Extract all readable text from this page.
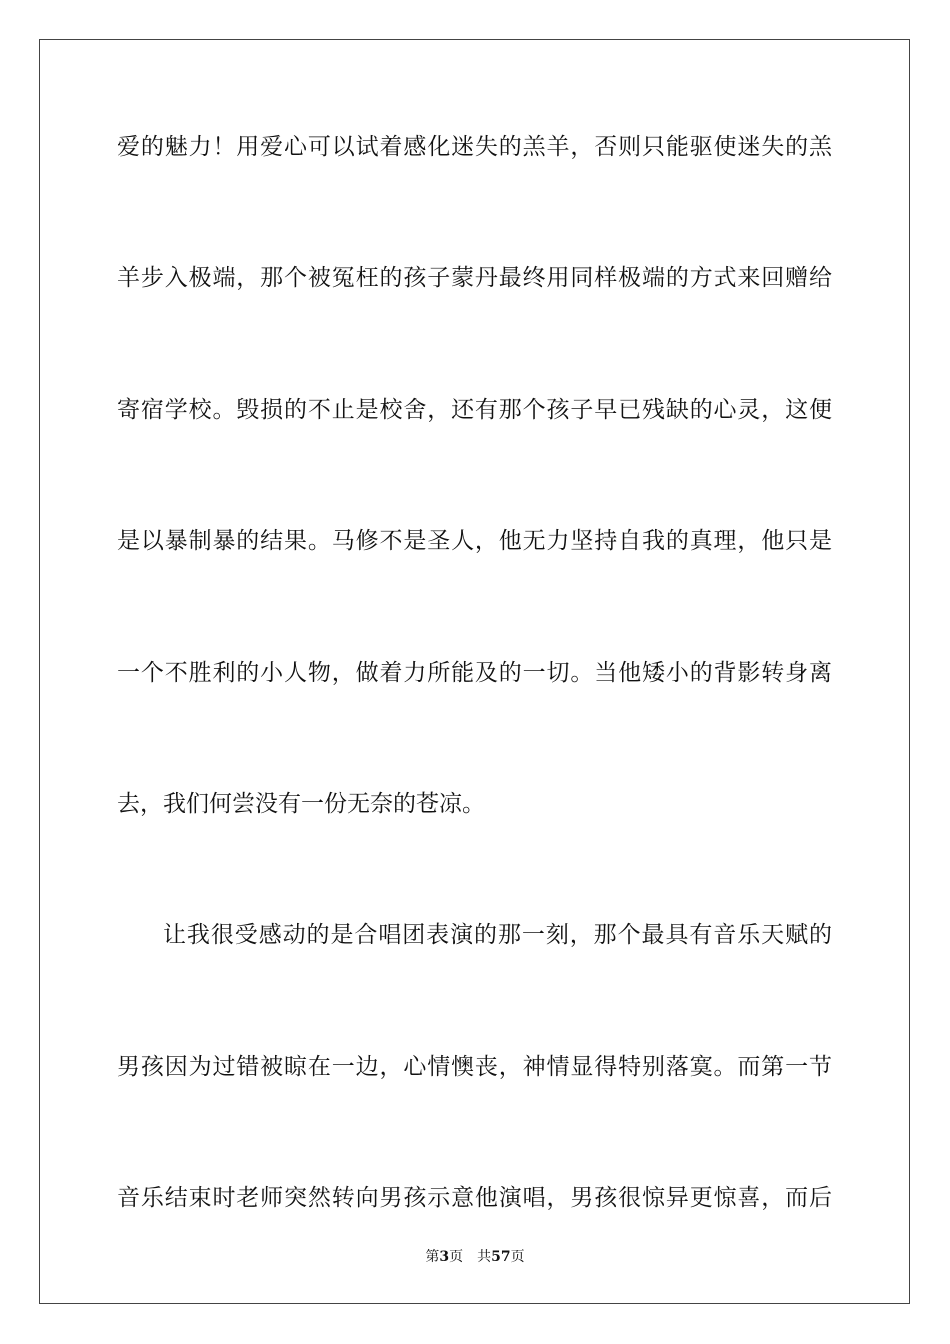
爱的魅力！用爱心可以试着感化迷失的羔羊，否则只能驱使迷失的羔
羊步入极端，那个被冤枉的孩子蒙丹最终用同样极端的方式来回赠给
寄宿学校。毁损的不止是校舍，还有那个孩子早已残缺的心灵，这便
是以暴制暴的结果。马修不是圣人，他无力坚持自我的真理，他只是
一个不胜利的小人物，做着力所能及的一切。当他矮小的背影转身离
去，我们何尝没有一份无奈的苍凉。
让我很受感动的是合唱团表演的那一刻，那个最具有音乐天赋的
男孩因为过错被晾在一边，心情懊丧，神情显得特别落寞。而第一节
音乐结束时老师突然转向男孩示意他演唱，男孩很惊异更惊喜，而后
第3页 共57页
